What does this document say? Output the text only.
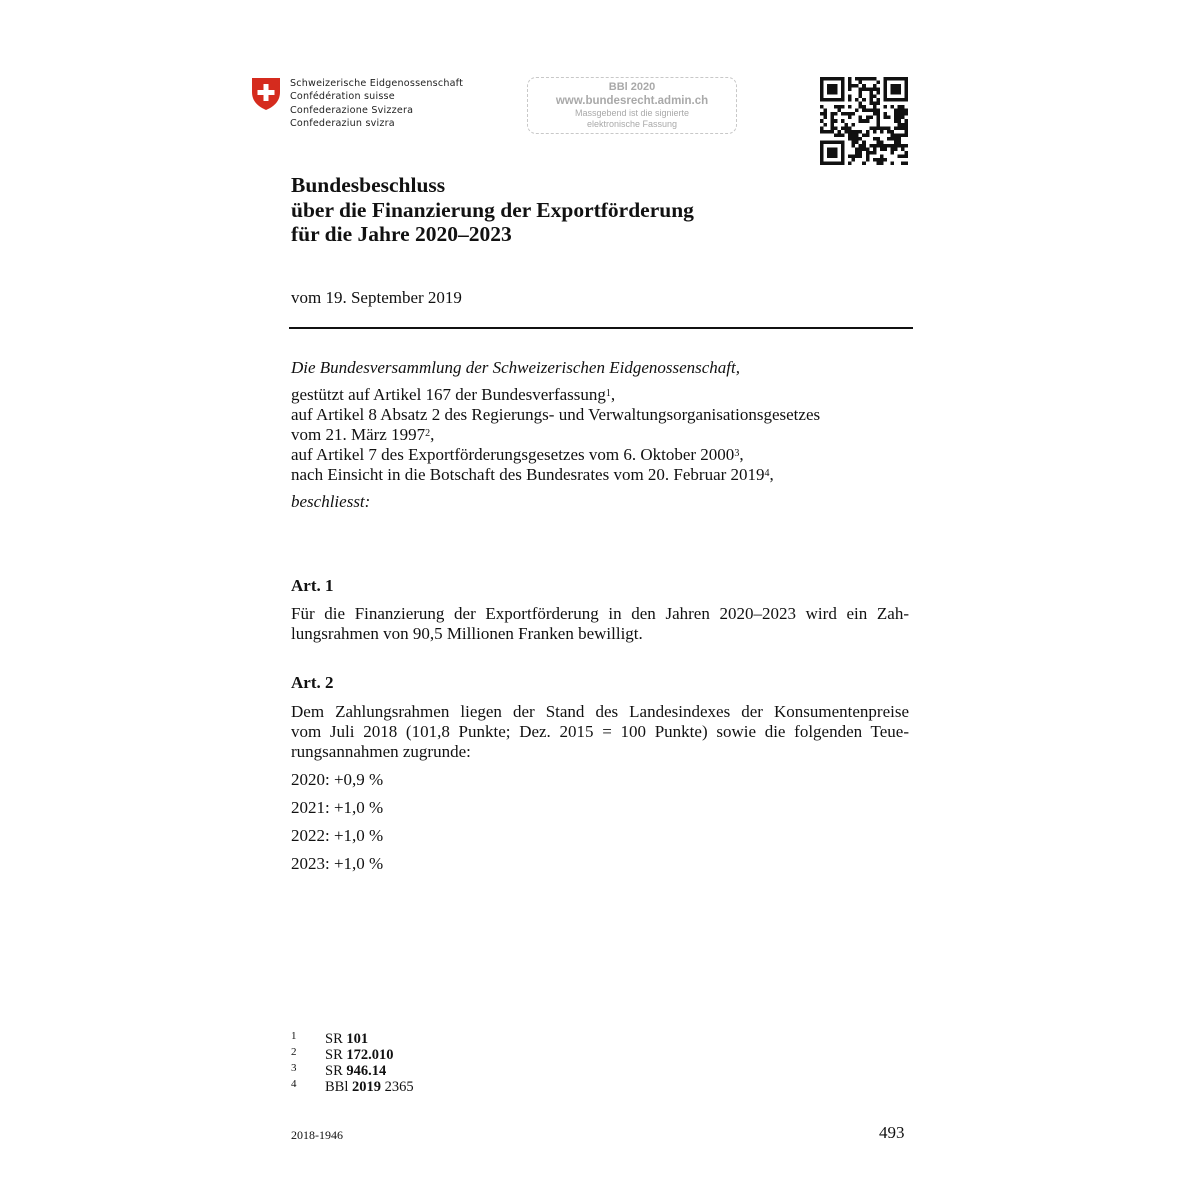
Schweizerische Eidgenossenschaft
Confédération suisse
Confederazione Svizzera
Confederaziun svizra
BBl 2020
www.bundesrecht.admin.ch
Massgebend ist die signierte
elektronische Fassung
Bundesbeschluss
über die Finanzierung der Exportförderung
für die Jahre 2020–2023
vom 19. September 2019
Die Bundesversammlung der Schweizerischen Eidgenossenschaft,
gestützt auf Artikel 167 der Bundesverfassung$^1$,
auf Artikel 8 Absatz 2 des Regierungs- und Verwaltungsorganisationsgesetzes
vom 21. März 1997$^2$,
auf Artikel 7 des Exportförderungsgesetzes vom 6. Oktober 2000$^3$,
nach Einsicht in die Botschaft des Bundesrates vom 20. Februar 2019$^4$,
beschliesst:
Art. 1
Für die Finanzierung der Exportförderung in den Jahren 2020–2023 wird ein Zah-
lungsrahmen von 90,5 Millionen Franken bewilligt.
Art. 2
Dem Zahlungsrahmen liegen der Stand des Landesindexes der Konsumentenpreise
vom Juli 2018 (101,8 Punkte; Dez. 2015 = 100 Punkte) sowie die folgenden Teue-
rungsannahmen zugrunde:
2020: +0,9 %
2021: +1,0 %
2022: +1,0 %
2023: +1,0 %
1 SR 101
2 SR 172.010
3 SR 946.14
4 BBl 2019 2365
2018-1946	493
